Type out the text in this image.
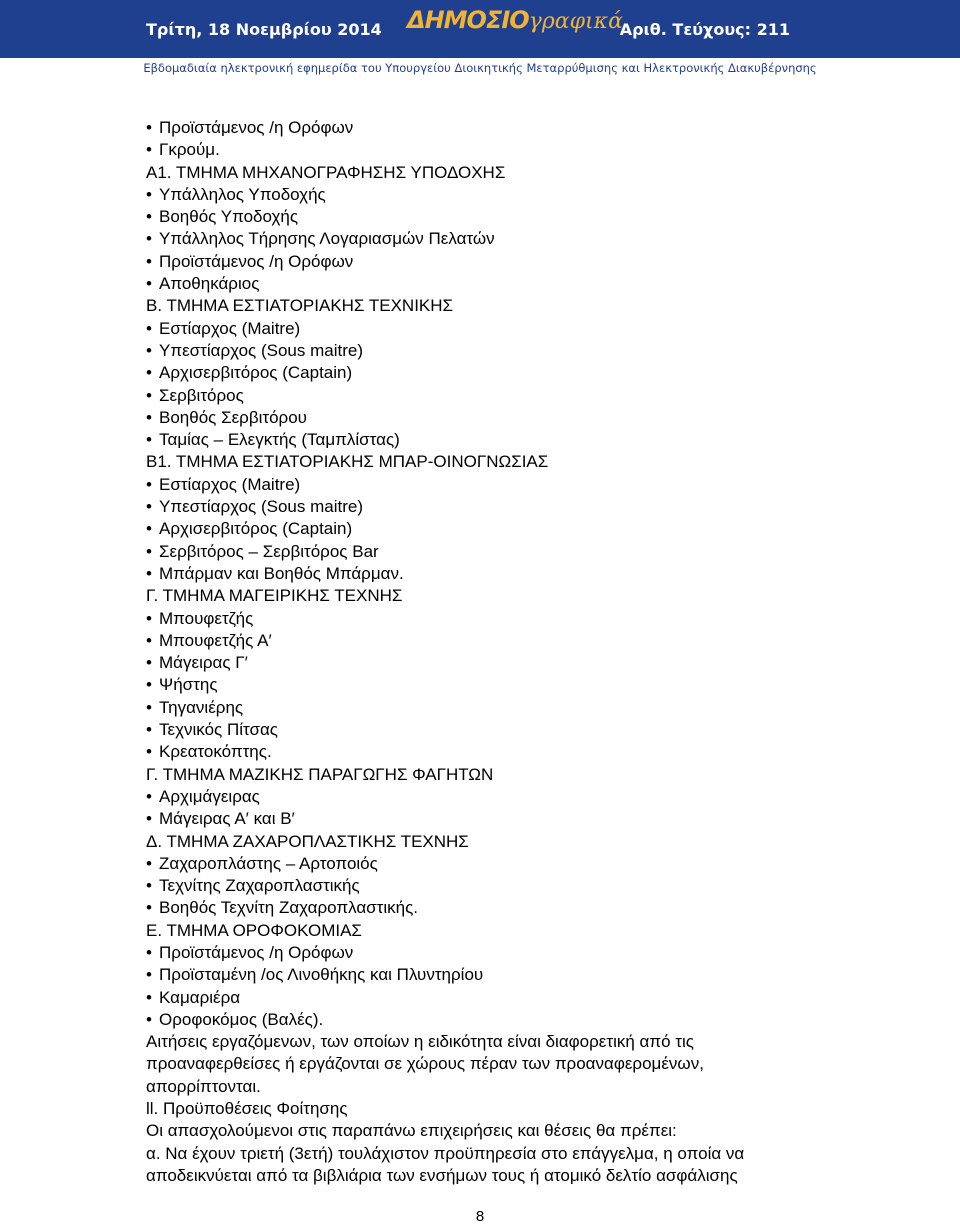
Τρίτη, 18 Νοεμβρίου 2014 ΔΗΜΟΣΙΟγραφικά
Αριθ. Τεύχους: 211
Εβδομαδιαία ηλεκτρονική εφημερίδα του Υπουργείου Διοικητικής Μεταρρύθμισης και Ηλεκτρονικής Διακυβέρνησης
• Προϊστάμενος /η Ορόφων
• Γκρούμ.
Α1. ΤΜΗΜΑ ΜΗΧΑΝΟΓΡΑΦΗΣΗΣ ΥΠΟΔΟΧΗΣ
• Υπάλληλος Υποδοχής
• Βοηθός Υποδοχής
• Υπάλληλος Τήρησης Λογαριασμών Πελατών
• Προϊστάμενος /η Ορόφων
• Αποθηκάριος
Β. ΤΜΗΜΑ ΕΣΤΙΑΤΟΡΙΑΚΗΣ ΤΕΧΝΙΚΗΣ
• Εστίαρχος (Maitre)
• Υπεστίαρχος (Sous maitre)
• Αρχισερβιτόρος (Captain)
• Σερβιτόρος
• Βοηθός Σερβιτόρου
• Ταμίας – Ελεγκτής (Ταμπλίστας)
Β1. ΤΜΗΜΑ ΕΣΤΙΑΤΟΡΙΑΚΗΣ ΜΠΑΡ-ΟΙΝΟΓΝΩΣΙΑΣ
• Εστίαρχος (Maitre)
• Υπεστίαρχος (Sous maitre)
• Αρχισερβιτόρος (Captain)
• Σερβιτόρος – Σερβιτόρος Bar
• Μπάρμαν και Βοηθός Μπάρμαν.
Γ. ΤΜΗΜΑ ΜΑΓΕΙΡΙΚΗΣ ΤΕΧΝΗΣ
• Μπουφετζής
• Μπουφετζής Α′
• Μάγειρας Γ′
• Ψήστης
• Τηγανιέρης
• Τεχνικός Πίτσας
• Κρεατοκόπτης.
Γ. ΤΜΗΜΑ ΜΑΖΙΚΗΣ ΠΑΡΑΓΩΓΗΣ ΦΑΓΗΤΩΝ
• Αρχιμάγειρας
• Μάγειρας Α′ και Β′
Δ. ΤΜΗΜΑ ΖΑΧΑΡΟΠΛΑΣΤΙΚΗΣ ΤΕΧΝΗΣ
• Ζαχαροπλάστης – Αρτοποιός
• Τεχνίτης Ζαχαροπλαστικής
• Βοηθός Τεχνίτη Ζαχαροπλαστικής.
Ε. ΤΜΗΜΑ ΟΡΟΦΟΚΟΜΙΑΣ
• Προϊστάμενος /η Ορόφων
• Προϊσταμένη /ος Λινοθήκης και Πλυντηρίου
• Καμαριέρα
• Οροφοκόμος (Βαλές).
Αιτήσεις εργαζόμενων, των οποίων η ειδικότητα είναι διαφορετική από τις
προαναφερθείσες ή εργάζονται σε χώρους πέραν των προαναφερομένων,
απορρίπτονται.
ll. Προϋποθέσεις Φοίτησης
Οι απασχολούμενοι στις παραπάνω επιχειρήσεις και θέσεις θα πρέπει:
α. Να έχουν τριετή (3ετή) τουλάχιστον προϋπηρεσία στο επάγγελμα, η οποία να
αποδεικνύεται από τα βιβλιάρια των ενσήμων τους ή ατομικό δελτίο ασφάλισης
8
